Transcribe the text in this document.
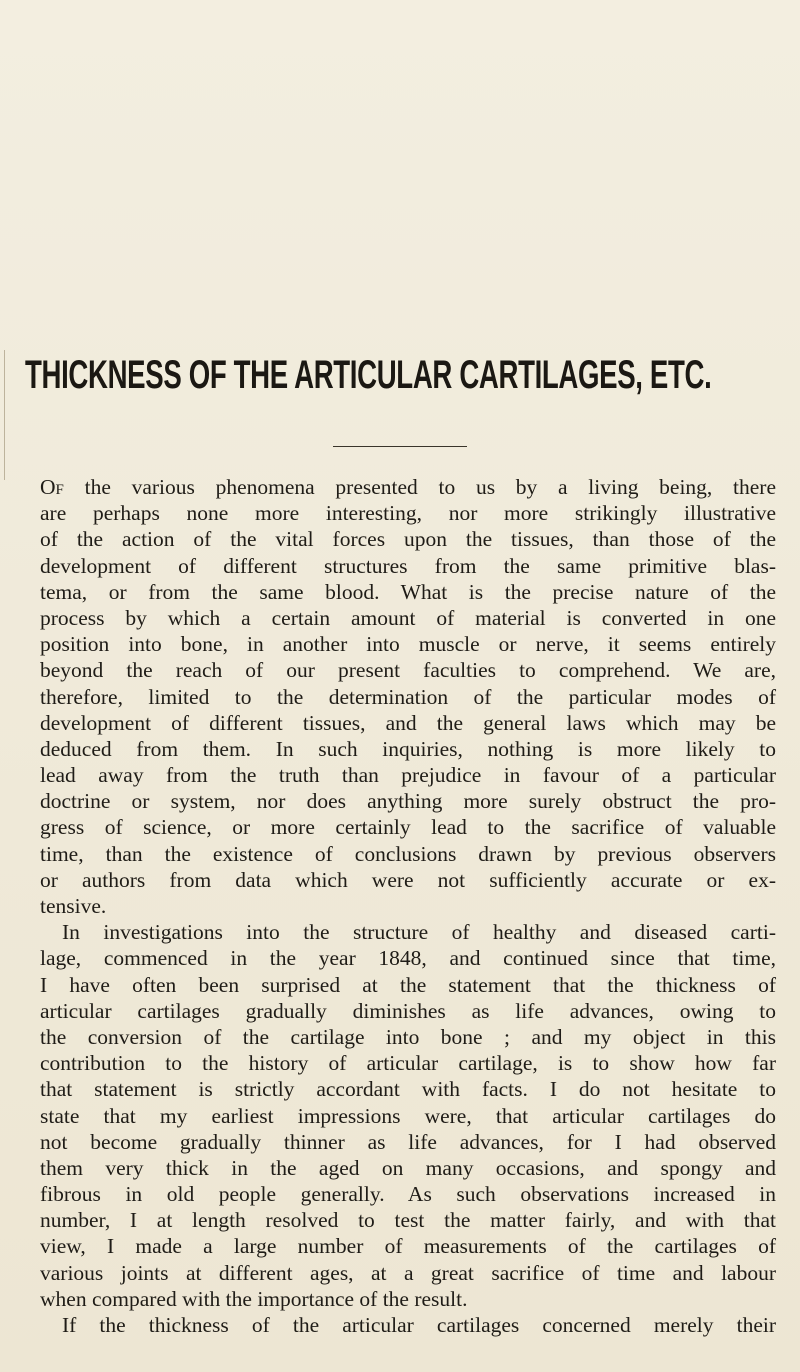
THICKNESS OF THE ARTICULAR CARTILAGES, ETC.
Of the various phenomena presented to us by a living being, there
are perhaps none more interesting, nor more strikingly illustrative
of the action of the vital forces upon the tissues, than those of the
development of different structures from the same primitive blas-
tema, or from the same blood. What is the precise nature of the
process by which a certain amount of material is converted in one
position into bone, in another into muscle or nerve, it seems entirely
beyond the reach of our present faculties to comprehend. We are,
therefore, limited to the determination of the particular modes of
development of different tissues, and the general laws which may be
deduced from them. In such inquiries, nothing is more likely to
lead away from the truth than prejudice in favour of a particular
doctrine or system, nor does anything more surely obstruct the pro-
gress of science, or more certainly lead to the sacrifice of valuable
time, than the existence of conclusions drawn by previous observers
or authors from data which were not sufficiently accurate or ex-
tensive.
In investigations into the structure of healthy and diseased carti-
lage, commenced in the year 1848, and continued since that time,
I have often been surprised at the statement that the thickness of
articular cartilages gradually diminishes as life advances, owing to
the conversion of the cartilage into bone ; and my object in this
contribution to the history of articular cartilage, is to show how far
that statement is strictly accordant with facts. I do not hesitate to
state that my earliest impressions were, that articular cartilages do
not become gradually thinner as life advances, for I had observed
them very thick in the aged on many occasions, and spongy and
fibrous in old people generally. As such observations increased in
number, I at length resolved to test the matter fairly, and with that
view, I made a large number of measurements of the cartilages of
various joints at different ages, at a great sacrifice of time and labour
when compared with the importance of the result.
If the thickness of the articular cartilages concerned merely their
